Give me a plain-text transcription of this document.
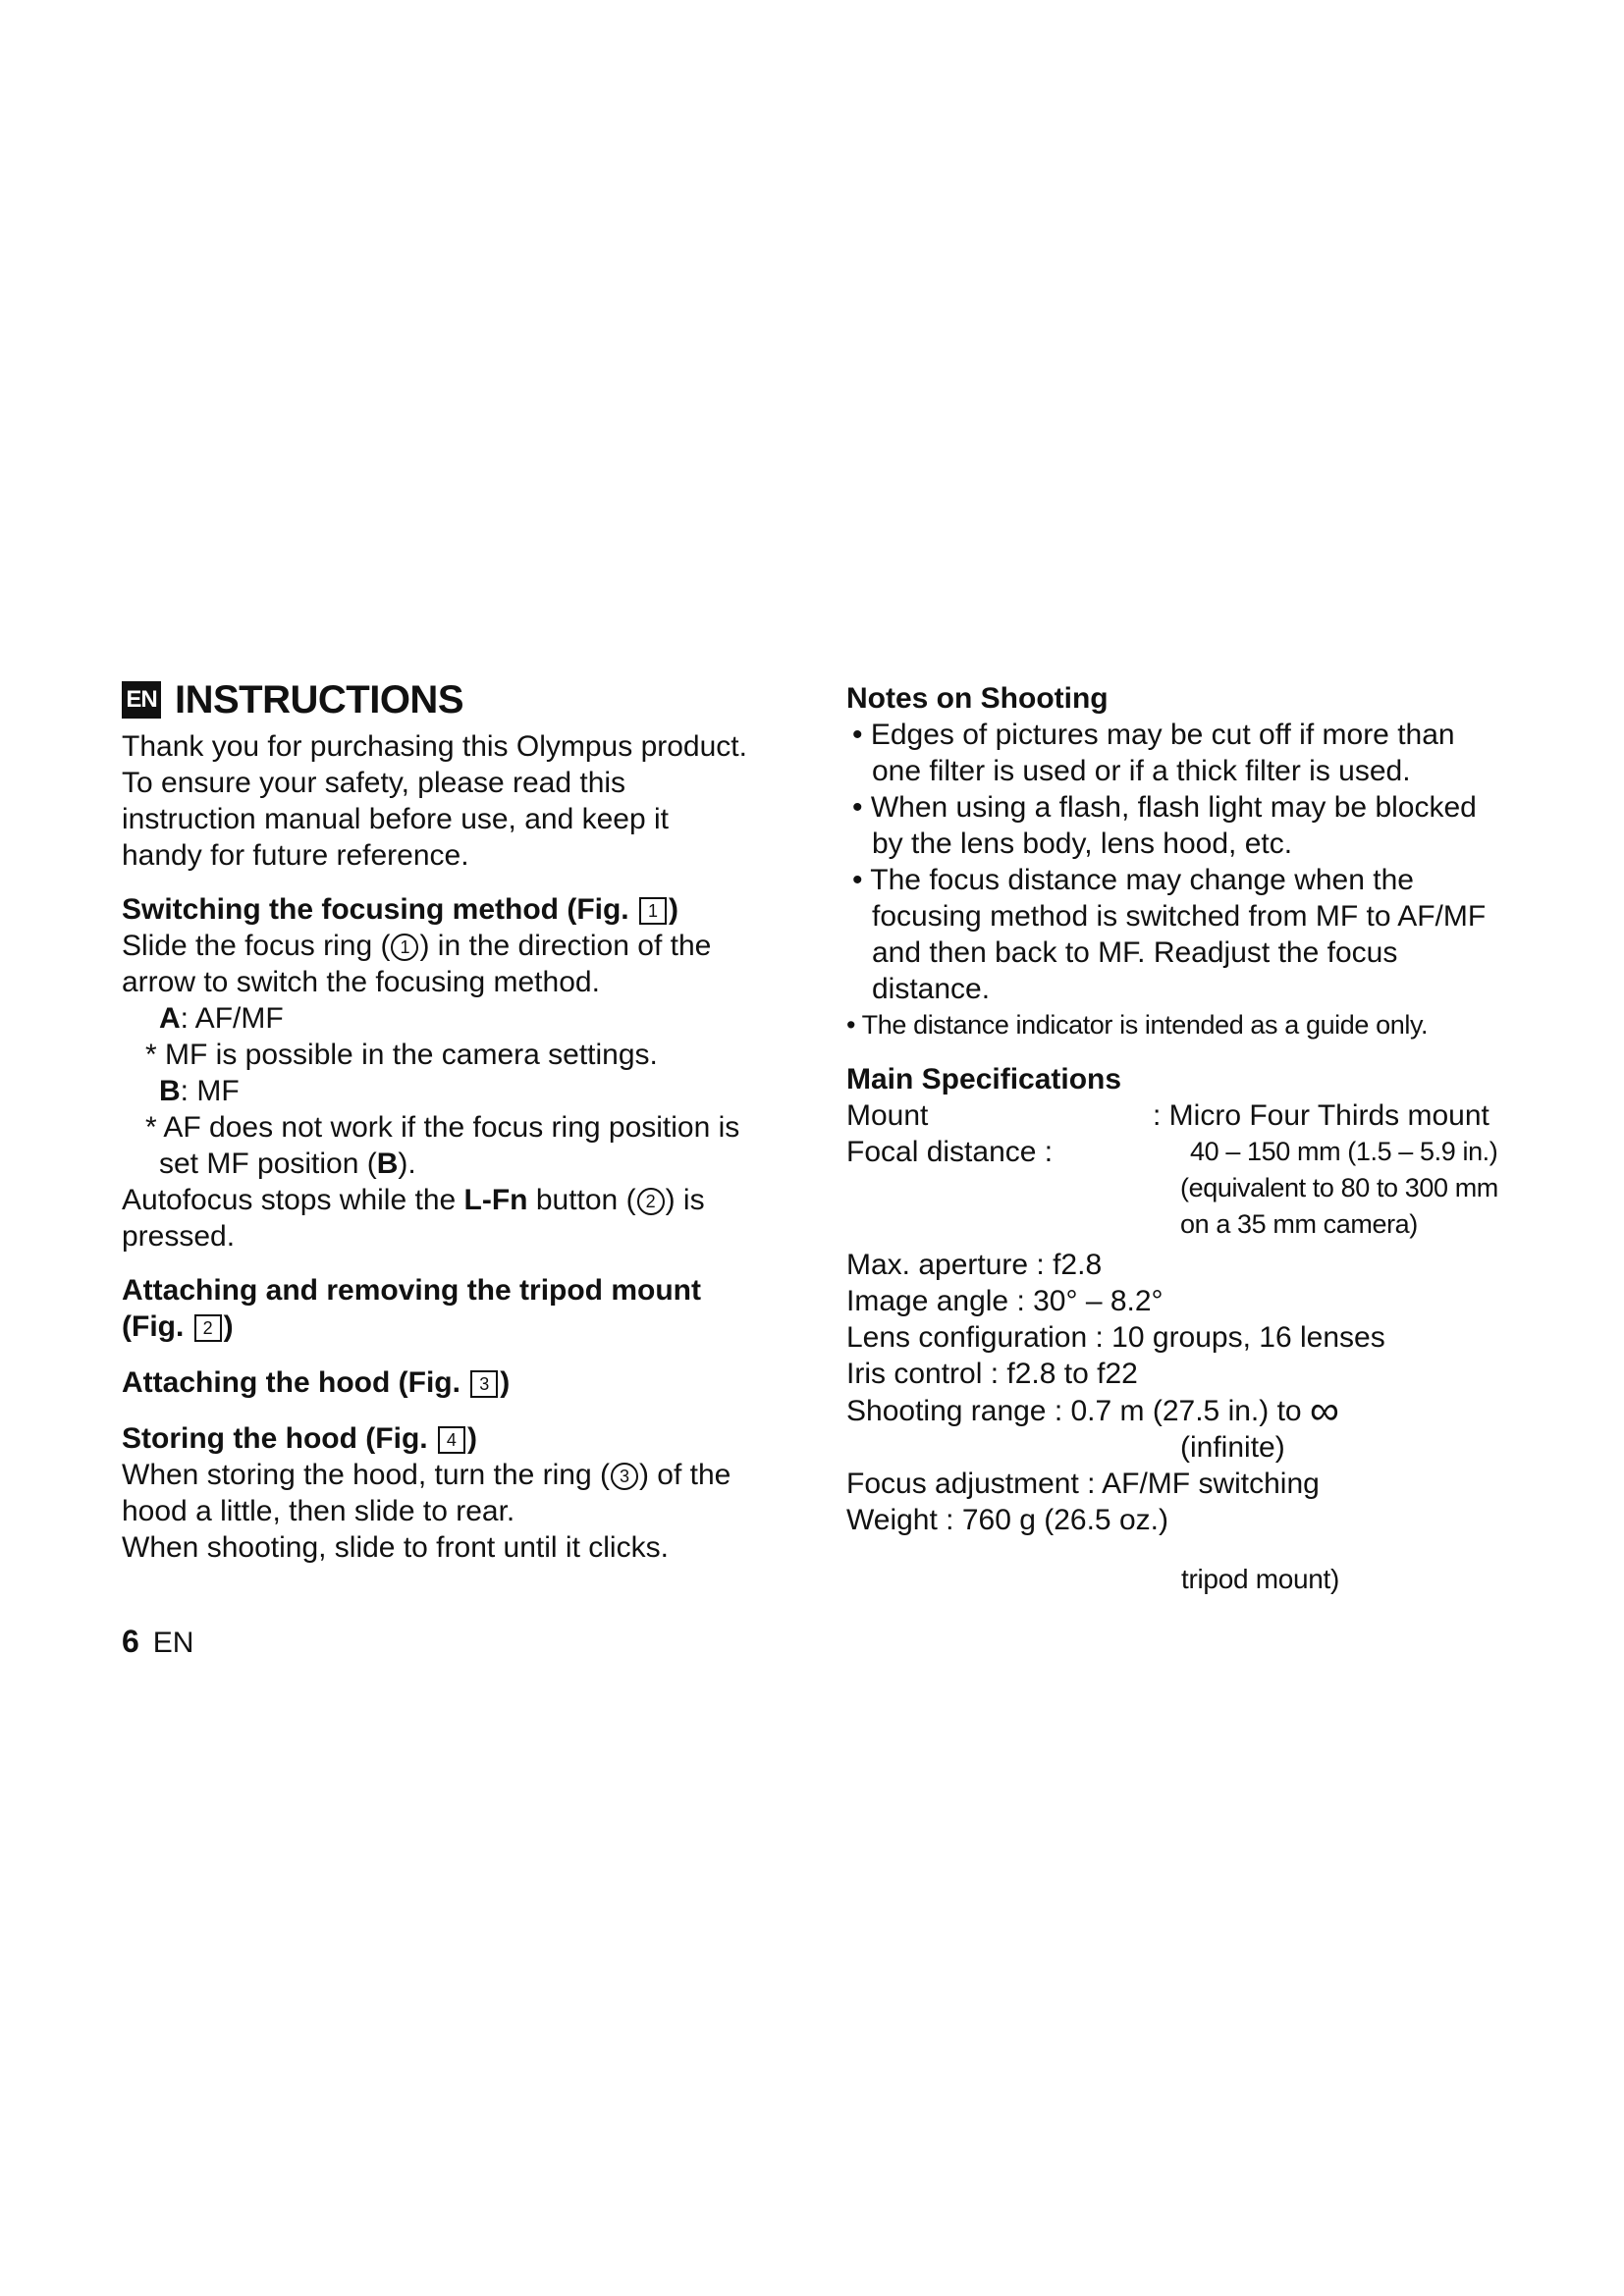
EN INSTRUCTIONS

Thank you for purchasing this Olympus product.

To ensure your safety, please read this

instruction manual before use, and keep it

handy for future reference.

Switching the focusing method (Fig. 1 )

Slide the focus ring ( 1 ) in the direction of the

arrow to switch the focusing method.

A: AF/MF

* MF is possible in the camera settings.

B: MF

* AF does not work if the focus ring position is

set MF position (B).

Autofocus stops while the L-Fn button ( 2 ) is

pressed.

Attaching and removing the tripod mount

(Fig. 2 )

Attaching the hood (Fig. 3 )

Storing the hood (Fig. 4 )

When storing the hood, turn the ring ( 3 ) of the

hood a little, then slide to rear.

When shooting, slide to front until it clicks.

Notes on Shooting

• Edges of pictures may be cut off if more than

one filter is used or if a thick filter is used.

• When using a flash, flash light may be blocked

by the lens body, lens hood, etc.

• The focus distance may change when the

focusing method is switched from MF to AF/MF

and then back to MF. Readjust the focus

distance.

• The distance indicator is intended as a guide only.

Main Specifications

Mount	: Micro Four Thirds mount
Focal distance :	40 – 150 mm (1.5 – 5.9 in.)

(equivalent to 80 to 300 mm

on a 35 mm camera)

Max. aperture : f2.8

Image angle : 30° – 8.2°

Lens configuration : 10 groups, 16 lenses

Iris control : f2.8 to f22

Shooting range : 0.7 m (27.5 in.) to ∞

(infinite)

Focus adjustment : AF/MF switching

Weight : 760 g (26.5 oz.)

tripod mount)
6 EN
